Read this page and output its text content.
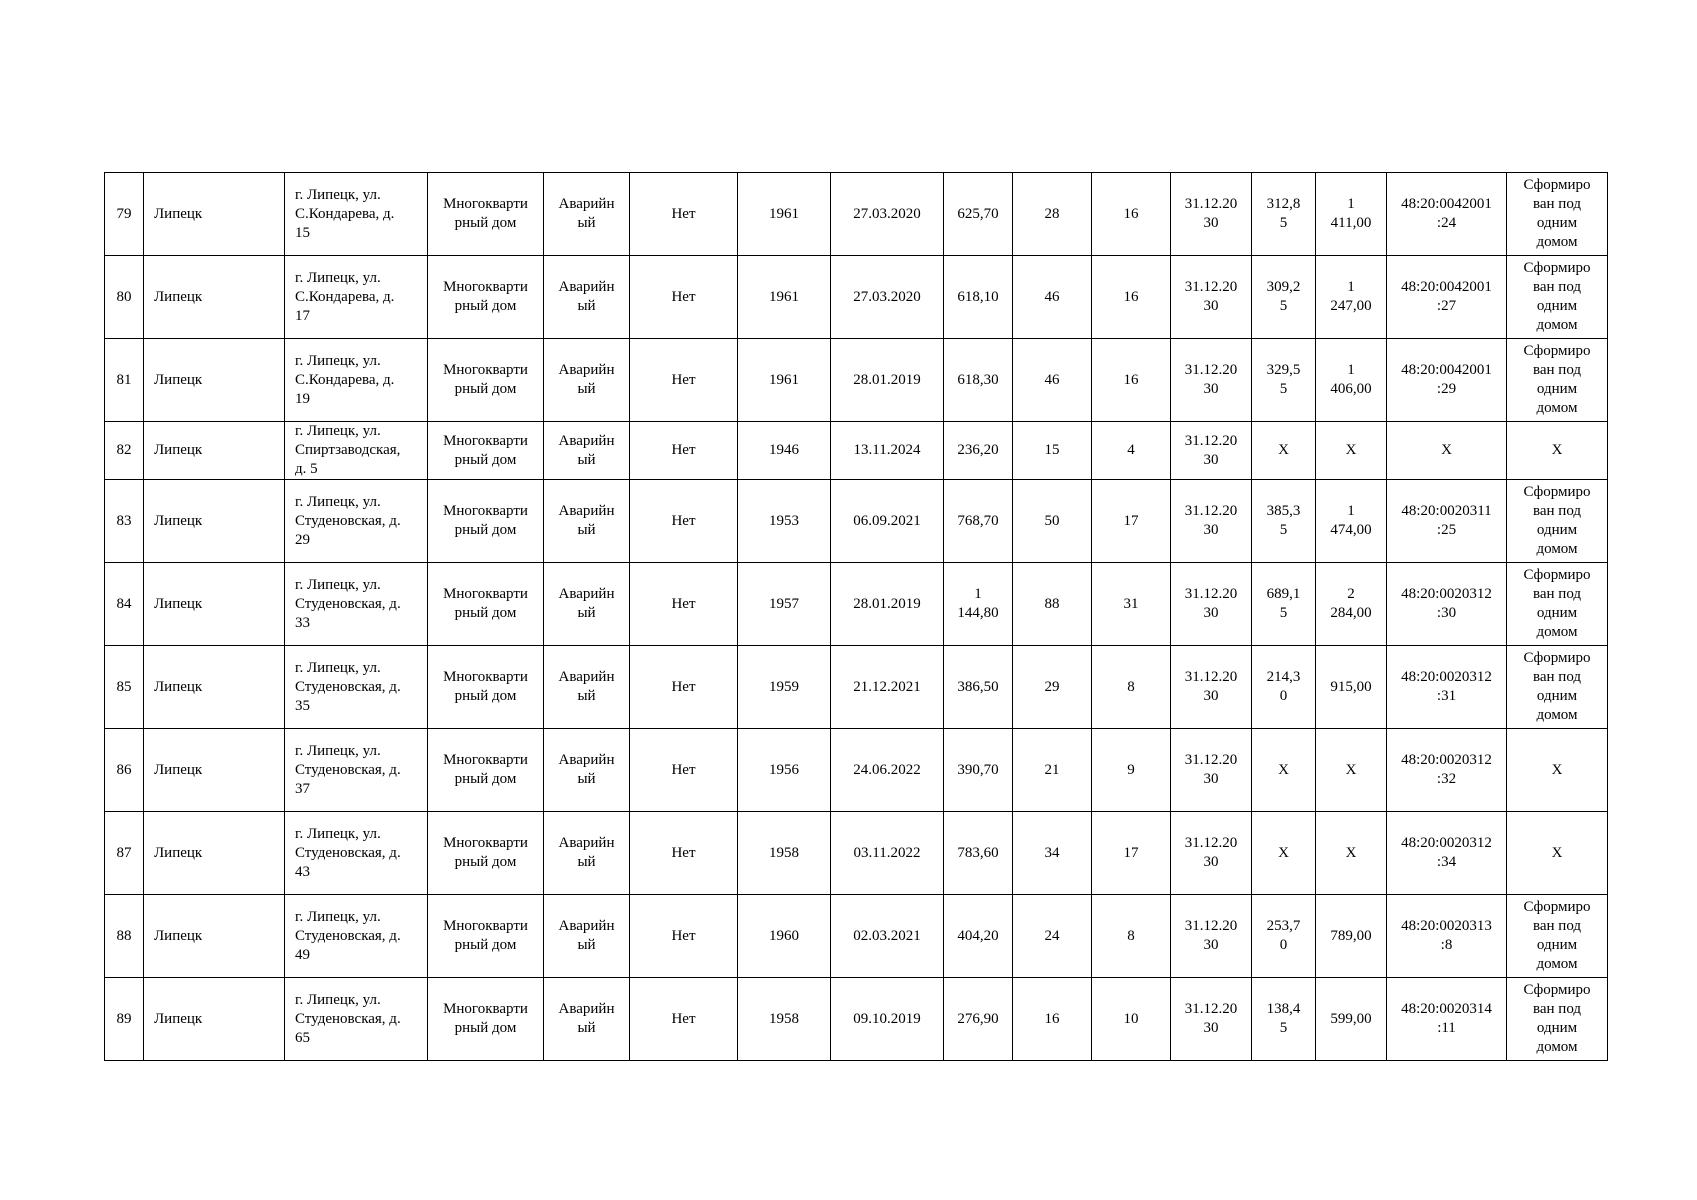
79	Липецк	г. Липецк, ул.
С.Кондарева, д.
15	Многокварти
рный дом	Аварийн
ый	Нет	1961	27.03.2020	625,70	28	16	31.12.20
30	312,8
5	1
411,00	48:20:0042001
:24	Сформиро
ван под
одним
домом
80	Липецк	г. Липецк, ул.
С.Кондарева, д.
17	Многокварти
рный дом	Аварийн
ый	Нет	1961	27.03.2020	618,10	46	16	31.12.20
30	309,2
5	1
247,00	48:20:0042001
:27	Сформиро
ван под
одним
домом
81	Липецк	г. Липецк, ул.
С.Кондарева, д.
19	Многокварти
рный дом	Аварийн
ый	Нет	1961	28.01.2019	618,30	46	16	31.12.20
30	329,5
5	1
406,00	48:20:0042001
:29	Сформиро
ван под
одним
домом
82	Липецк	г. Липецк, ул.
Спиртзаводская,
д. 5	Многокварти
рный дом	Аварийн
ый	Нет	1946	13.11.2024	236,20	15	4	31.12.20
30	Х	Х	Х	Х
83	Липецк	г. Липецк, ул.
Студеновская, д.
29	Многокварти
рный дом	Аварийн
ый	Нет	1953	06.09.2021	768,70	50	17	31.12.20
30	385,3
5	1
474,00	48:20:0020311
:25	Сформиро
ван под
одним
домом
84	Липецк	г. Липецк, ул.
Студеновская, д.
33	Многокварти
рный дом	Аварийн
ый	Нет	1957	28.01.2019	1
144,80	88	31	31.12.20
30	689,1
5	2
284,00	48:20:0020312
:30	Сформиро
ван под
одним
домом
85	Липецк	г. Липецк, ул.
Студеновская, д.
35	Многокварти
рный дом	Аварийн
ый	Нет	1959	21.12.2021	386,50	29	8	31.12.20
30	214,3
0	915,00	48:20:0020312
:31	Сформиро
ван под
одним
домом
86	Липецк	г. Липецк, ул.
Студеновская, д.
37	Многокварти
рный дом	Аварийн
ый	Нет	1956	24.06.2022	390,70	21	9	31.12.20
30	Х	Х	48:20:0020312
:32	Х
87	Липецк	г. Липецк, ул.
Студеновская, д.
43	Многокварти
рный дом	Аварийн
ый	Нет	1958	03.11.2022	783,60	34	17	31.12.20
30	Х	Х	48:20:0020312
:34	Х
88	Липецк	г. Липецк, ул.
Студеновская, д.
49	Многокварти
рный дом	Аварийн
ый	Нет	1960	02.03.2021	404,20	24	8	31.12.20
30	253,7
0	789,00	48:20:0020313
:8	Сформиро
ван под
одним
домом
89	Липецк	г. Липецк, ул.
Студеновская, д.
65	Многокварти
рный дом	Аварийн
ый	Нет	1958	09.10.2019	276,90	16	10	31.12.20
30	138,4
5	599,00	48:20:0020314
:11	Сформиро
ван под
одним
домом
